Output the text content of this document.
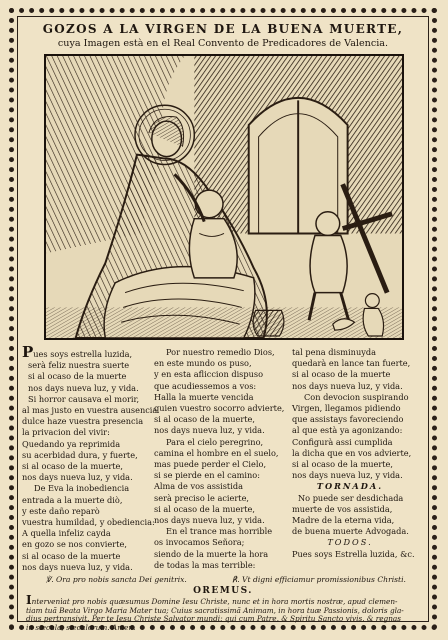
GOZOS A LA VIRGEN DE LA BUENA MUERTE,

cuya Imagen està en el Real Convento de Predicadores de Valencia.

Pues soys estrella luzida,

serà feliz nuestra suerte

si al ocaso de la muerte

nos days nueva luz, y vida.

Si horror causava el morir,

al mas justo en vuestra ausencia

dulce haze vuestra presencia

la privacion del vivir:

Quedando ya reprimida

su acerbidad dura, y fuerte,

si al ocaso de la muerte,

nos days nueva luz, y vida.

De Eva la inobediencia

entrada a la muerte diò,

y este daño reparò

vuestra humildad, y obediencia:

A quella infeliz cayda

en gozo se nos convierte,

si al ocaso de la muerte

nos days nueva luz, y vida.

Por nuestro remedio Dios,

en este mundo os puso,

y en esta afliccion dispuso

que acudiessemos a vos:

Halla la muerte vencida

quien vuestro socorro advierte,

si al ocaso de la muerte,

nos days nueva luz, y vida.

Para el cielo peregrino,

camina el hombre en el suelo,

mas puede perder el Cielo,

si se pierde en el camino:

Alma de vos assistida

serà preciso le acierte,

si al ocaso de la muerte,

nos days nueva luz, y vida.

En el trance mas horrible

os invocamos Señora;

siendo de la muerte la hora

de todas la mas terrible:

tal pena disminuyda

quedarà en lance tan fuerte,

si al ocaso de la muerte

nos days nueva luz, y vida.

Con devocion suspirando

Virgen, llegamos pidiendo

que assistays favoreciendo

al que està ya agonizando:

Configurà assi cumplida

la dicha que en vos advierte,

si al ocaso de la muerte,

nos days nueva luz, y vida.

TORNADA.

No puede ser desdichada

muerte de vos assistida,

Madre de la eterna vida,

de buena muerte Advogada.

TODOS.

Pues soys Estrella luzida, &c.

℣. Ora pro nobis sancta Dei genitrix.	℟. Vt digni efficiamur promissionibus Christi.

OREMUS.

Intervenìat pro nobis quæsumus Domine Iesu Christe, nunc et in hora mortis nostræ, apud clemen-

tiam tuã Beata Virgo Maria Mater tua; Cuius sacratissimã Animam, in hora tuæ Passionis, doloris gla-

dius pertransivit. Per te Iesu Christe Salvator mundi; qui cum Patre, & Spiritu Sancto vivis, & regnas

in sæcula, sæculorum. Amen.
